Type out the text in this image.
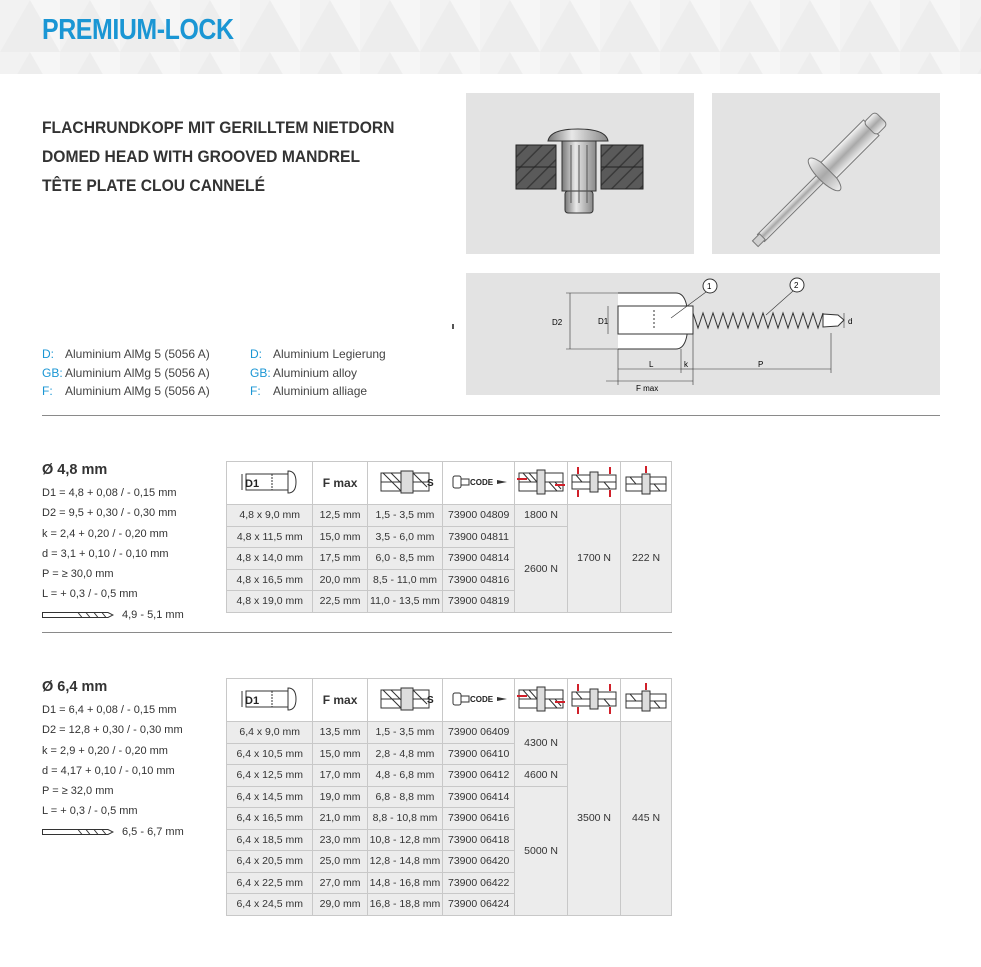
PREMIUM-LOCK
FLACHRUNDKOPF MIT GERILLTEM NIETDORN
DOMED HEAD WITH GROOVED MANDREL
TÊTE PLATE CLOU CANNELÉ
D2	D1	d
L	k	P
F max
1	2
D: Aluminium AlMg 5 (5056 A)
GB: Aluminium AlMg 5 (5056 A)
F: Aluminium AlMg 5 (5056 A)
D: Aluminium Legierung
GB: Aluminium alloy
F: Aluminium alliage
Ø 4,8 mm
D1 = 4,8 + 0,08 / - 0,15 mm
D2 = 9,5 + 0,30 / - 0,30 mm
k = 2,4 + 0,20 / - 0,20 mm
d = 3,1 + 0,10 / - 0,10 mm
P = ≥ 30,0 mm
L = + 0,3 / - 0,5 mm
4,9 - 5,1 mm
D1	F max	S	CODE

4,8 x 9,0 mm	12,5 mm	1,5 - 3,5 mm	73900 04809	1800 N	1700 N	222 N
4,8 x 11,5 mm	15,0 mm	3,5 - 6,0 mm	73900 04811	2600 N		
4,8 x 14,0 mm	17,5 mm	6,0 - 8,5 mm	73900 04814			
4,8 x 16,5 mm	20,0 mm	8,5 - 11,0 mm	73900 04816			
4,8 x 19,0 mm	22,5 mm	11,0 - 13,5 mm	73900 04819			
Ø 6,4 mm
D1 = 6,4 + 0,08 / - 0,15 mm
D2 = 12,8 + 0,30 / - 0,30 mm
k = 2,9 + 0,20 / - 0,20 mm
d = 4,17 + 0,10 / - 0,10 mm
P = ≥ 32,0 mm
L = + 0,3 / - 0,5 mm
6,5 - 6,7 mm
D1	F max	S	CODE

6,4 x 9,0 mm	13,5 mm	1,5 - 3,5 mm	73900 06409	4300 N	3500 N	445 N
6,4 x 10,5 mm	15,0 mm	2,8 - 4,8 mm	73900 06410			
6,4 x 12,5 mm	17,0 mm	4,8 - 6,8 mm	73900 06412	4600 N		
6,4 x 14,5 mm	19,0 mm	6,8 - 8,8 mm	73900 06414	5000 N		
6,4 x 16,5 mm	21,0 mm	8,8 - 10,8 mm	73900 06416			
6,4 x 18,5 mm	23,0 mm	10,8 - 12,8 mm	73900 06418			
6,4 x 20,5 mm	25,0 mm	12,8 - 14,8 mm	73900 06420			
6,4 x 22,5 mm	27,0 mm	14,8 - 16,8 mm	73900 06422			
6,4 x 24,5 mm	29,0 mm	16,8 - 18,8 mm	73900 06424			
